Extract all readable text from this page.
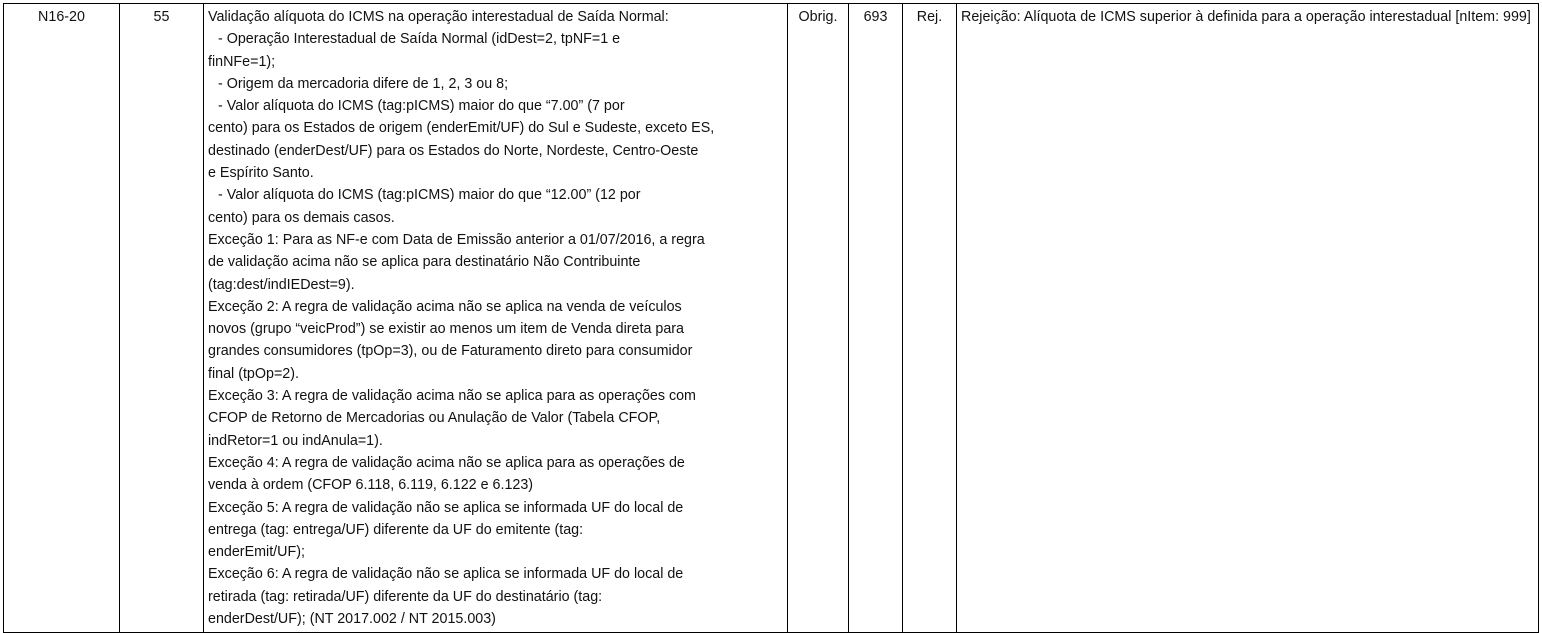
N16-20	55	Validação alíquota do ICMS na operação interestadual de Saída Normal:
- Operação Interestadual de Saída Normal (idDest=2, tpNF=1 e
finNFe=1);
- Origem da mercadoria difere de 1, 2, 3 ou 8;
- Valor alíquota do ICMS (tag:pICMS) maior do que “7.00” (7 por
cento) para os Estados de origem (enderEmit/UF) do Sul e Sudeste, exceto ES,
destinado (enderDest/UF) para os Estados do Norte, Nordeste, Centro-Oeste
e Espírito Santo.
- Valor alíquota do ICMS (tag:pICMS) maior do que “12.00” (12 por
cento) para os demais casos.
Exceção 1: Para as NF-e com Data de Emissão anterior a 01/07/2016, a regra
de validação acima não se aplica para destinatário Não Contribuinte
(tag:dest/indIEDest=9).
Exceção 2: A regra de validação acima não se aplica na venda de veículos
novos (grupo “veicProd”) se existir ao menos um item de Venda direta para
grandes consumidores (tpOp=3), ou de Faturamento direto para consumidor
final (tpOp=2).
Exceção 3: A regra de validação acima não se aplica para as operações com
CFOP de Retorno de Mercadorias ou Anulação de Valor (Tabela CFOP,
indRetor=1 ou indAnula=1).
Exceção 4: A regra de validação acima não se aplica para as operações de
venda à ordem (CFOP 6.118, 6.119, 6.122 e 6.123)
Exceção 5: A regra de validação não se aplica se informada UF do local de
entrega (tag: entrega/UF) diferente da UF do emitente (tag:
enderEmit/UF);
Exceção 6: A regra de validação não se aplica se informada UF do local de
retirada (tag: retirada/UF) diferente da UF do destinatário (tag:
enderDest/UF); (NT 2017.002 / NT 2015.003)
	Obrig.	693	Rej.	Rejeição: Alíquota de ICMS superior à definida para a operação interestadual [nItem: 999]
